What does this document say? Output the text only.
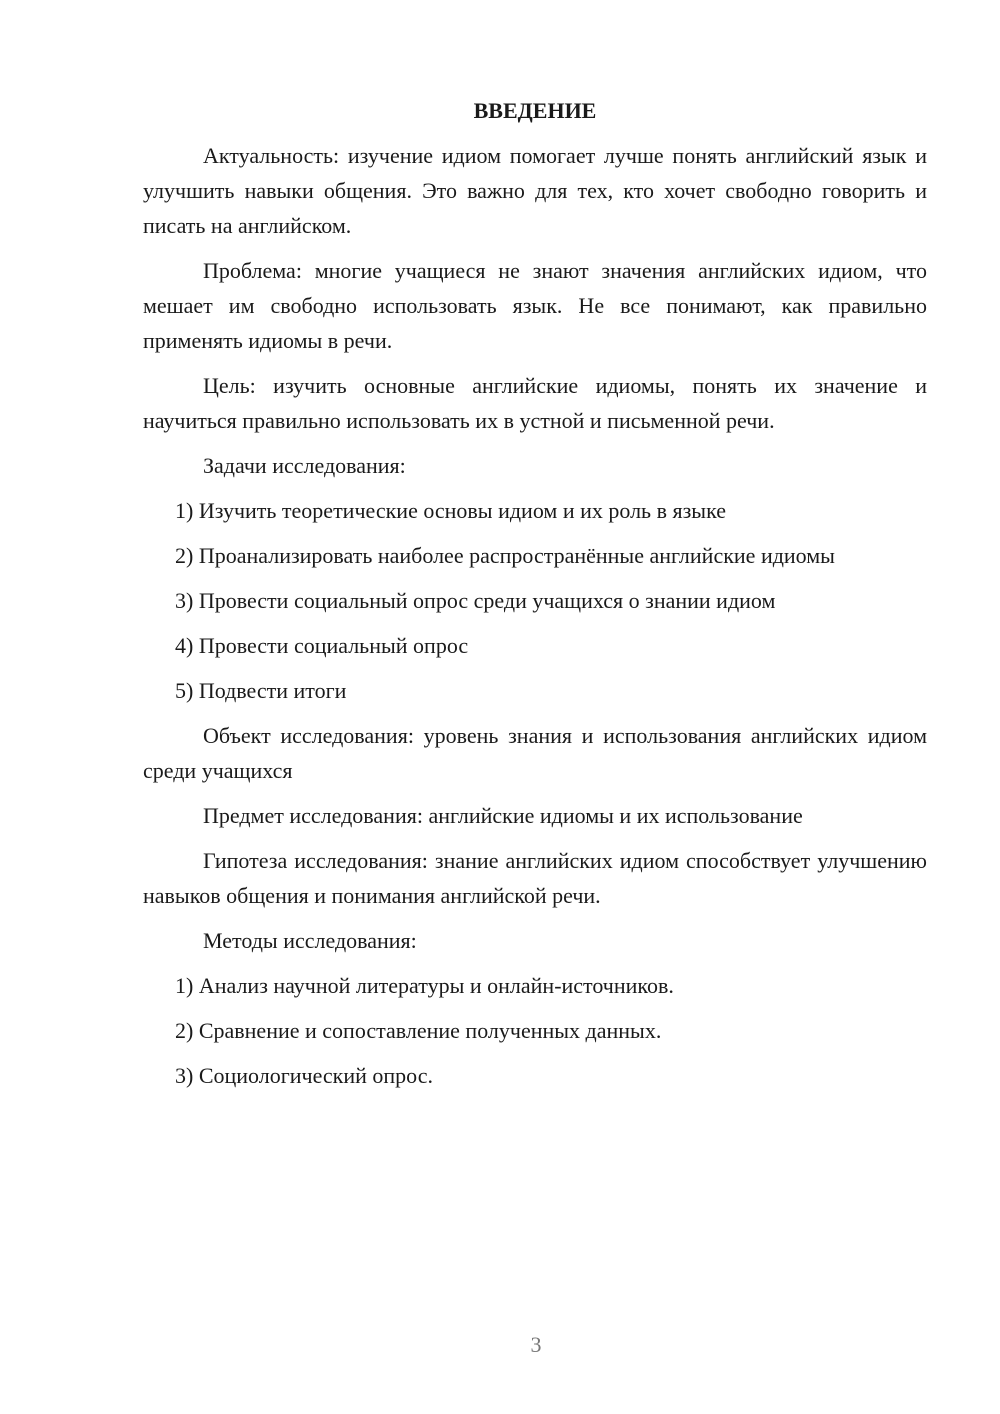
ВВЕДЕНИЕ

Актуальность: изучение идиом помогает лучше понять английский язык и улучшить навыки общения. Это важно для тех, кто хочет свободно говорить и писать на английском.

Проблема: многие учащиеся не знают значения английских идиом, что мешает им свободно использовать язык. Не все понимают, как правильно применять идиомы в речи.

Цель: изучить основные английские идиомы, понять их значение и научиться правильно использовать их в устной и письменной речи.

Задачи исследования:

1) Изучить теоретические основы идиом и их роль в языке
2) Проанализировать наиболее распространённые английские идиомы
3) Провести социальный опрос среди учащихся о знании идиом
4) Провести социальный опрос
5) Подвести итоги

Объект исследования: уровень знания и использования английских идиом среди учащихся

Предмет исследования: английские идиомы и их использование

Гипотеза исследования: знание английских идиом способствует улучшению навыков общения и понимания английской речи.

Методы исследования:

1) Анализ научной литературы и онлайн-источников.
2) Сравнение и сопоставление полученных данных.
3) Социологический опрос.
3
